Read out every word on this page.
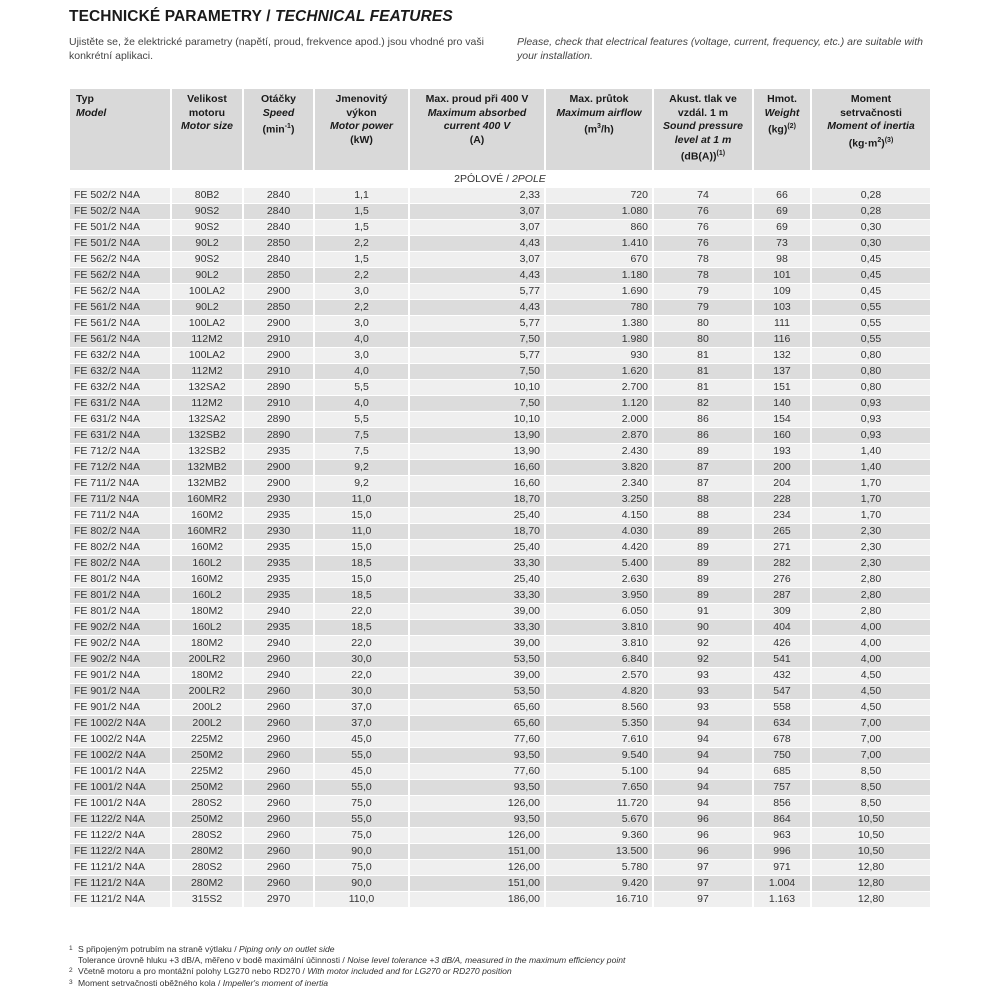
TECHNICKÉ PARAMETRY / TECHNICAL FEATURES
Ujistěte se, že elektrické parametry (napětí, proud, frekvence apod.) jsou vhodné pro vaši konkrétní aplikaci.
Please, check that electrical features (voltage, current, frequency, etc.) are suitable with your installation.
Typ
Model	Velikost
motoru
Motor size	Otáčky
Speed
$(\min^{-1})$	Jmenovitý
výkon
Motor power
(kW)	Max. proud při 400 V
Maximum absorbed
current 400 V
(A)	Max. průtok
Maximum airflow
$(m^3/h)$	Akust. tlak ve
vzdál. 1 m
Sound pressure
level at 1 m
$(dB(A))^{(1)}$	Hmot.
Weight
(kg)$^{(2)}$	Moment
setrvačnosti
Moment of inertia
$(kg\cdot m^2)^{(3)}$
2PÓLOVÉ / 2POLE								
FE 502/2 N4A	80B2	2840	1,1	2,33	720	74	66	0,28
FE 502/2 N4A	90S2	2840	1,5	3,07	1.080	76	69	0,28
FE 501/2 N4A	90S2	2840	1,5	3,07	860	76	69	0,30
FE 501/2 N4A	90L2	2850	2,2	4,43	1.410	76	73	0,30
FE 562/2 N4A	90S2	2840	1,5	3,07	670	78	98	0,45
FE 562/2 N4A	90L2	2850	2,2	4,43	1.180	78	101	0,45
FE 562/2 N4A	100LA2	2900	3,0	5,77	1.690	79	109	0,45
FE 561/2 N4A	90L2	2850	2,2	4,43	780	79	103	0,55
FE 561/2 N4A	100LA2	2900	3,0	5,77	1.380	80	111	0,55
FE 561/2 N4A	112M2	2910	4,0	7,50	1.980	80	116	0,55
FE 632/2 N4A	100LA2	2900	3,0	5,77	930	81	132	0,80
FE 632/2 N4A	112M2	2910	4,0	7,50	1.620	81	137	0,80
FE 632/2 N4A	132SA2	2890	5,5	10,10	2.700	81	151	0,80
FE 631/2 N4A	112M2	2910	4,0	7,50	1.120	82	140	0,93
FE 631/2 N4A	132SA2	2890	5,5	10,10	2.000	86	154	0,93
FE 631/2 N4A	132SB2	2890	7,5	13,90	2.870	86	160	0,93
FE 712/2 N4A	132SB2	2935	7,5	13,90	2.430	89	193	1,40
FE 712/2 N4A	132MB2	2900	9,2	16,60	3.820	87	200	1,40
FE 711/2 N4A	132MB2	2900	9,2	16,60	2.340	87	204	1,70
FE 711/2 N4A	160MR2	2930	11,0	18,70	3.250	88	228	1,70
FE 711/2 N4A	160M2	2935	15,0	25,40	4.150	88	234	1,70
FE 802/2 N4A	160MR2	2930	11,0	18,70	4.030	89	265	2,30
FE 802/2 N4A	160M2	2935	15,0	25,40	4.420	89	271	2,30
FE 802/2 N4A	160L2	2935	18,5	33,30	5.400	89	282	2,30
FE 801/2 N4A	160M2	2935	15,0	25,40	2.630	89	276	2,80
FE 801/2 N4A	160L2	2935	18,5	33,30	3.950	89	287	2,80
FE 801/2 N4A	180M2	2940	22,0	39,00	6.050	91	309	2,80
FE 902/2 N4A	160L2	2935	18,5	33,30	3.810	90	404	4,00
FE 902/2 N4A	180M2	2940	22,0	39,00	3.810	92	426	4,00
FE 902/2 N4A	200LR2	2960	30,0	53,50	6.840	92	541	4,00
FE 901/2 N4A	180M2	2940	22,0	39,00	2.570	93	432	4,50
FE 901/2 N4A	200LR2	2960	30,0	53,50	4.820	93	547	4,50
FE 901/2 N4A	200L2	2960	37,0	65,60	8.560	93	558	4,50
FE 1002/2 N4A	200L2	2960	37,0	65,60	5.350	94	634	7,00
FE 1002/2 N4A	225M2	2960	45,0	77,60	7.610	94	678	7,00
FE 1002/2 N4A	250M2	2960	55,0	93,50	9.540	94	750	7,00
FE 1001/2 N4A	225M2	2960	45,0	77,60	5.100	94	685	8,50
FE 1001/2 N4A	250M2	2960	55,0	93,50	7.650	94	757	8,50
FE 1001/2 N4A	280S2	2960	75,0	126,00	11.720	94	856	8,50
FE 1122/2 N4A	250M2	2960	55,0	93,50	5.670	96	864	10,50
FE 1122/2 N4A	280S2	2960	75,0	126,00	9.360	96	963	10,50
FE 1122/2 N4A	280M2	2960	90,0	151,00	13.500	96	996	10,50
FE 1121/2 N4A	280S2	2960	75,0	126,00	5.780	97	971	12,80
FE 1121/2 N4A	280M2	2960	90,0	151,00	9.420	97	1.004	12,80
FE 1121/2 N4A	315S2	2970	110,0	186,00	16.710	97	1.163	12,80
$^1$ S připojeným potrubím na straně výtlaku / Piping only on outlet side
Tolerance úrovně hluku +3 dB/A, měřeno v bodě maximální účinnosti / Noise level tolerance +3 dB/A, measured in the maximum efficiency point
$^2$ Včetně motoru a pro montážní polohy LG270 nebo RD270 / With motor included and for LG270 or RD270 position
$^3$ Moment setrvačnosti oběžného kola / Impeller's moment of inertia
